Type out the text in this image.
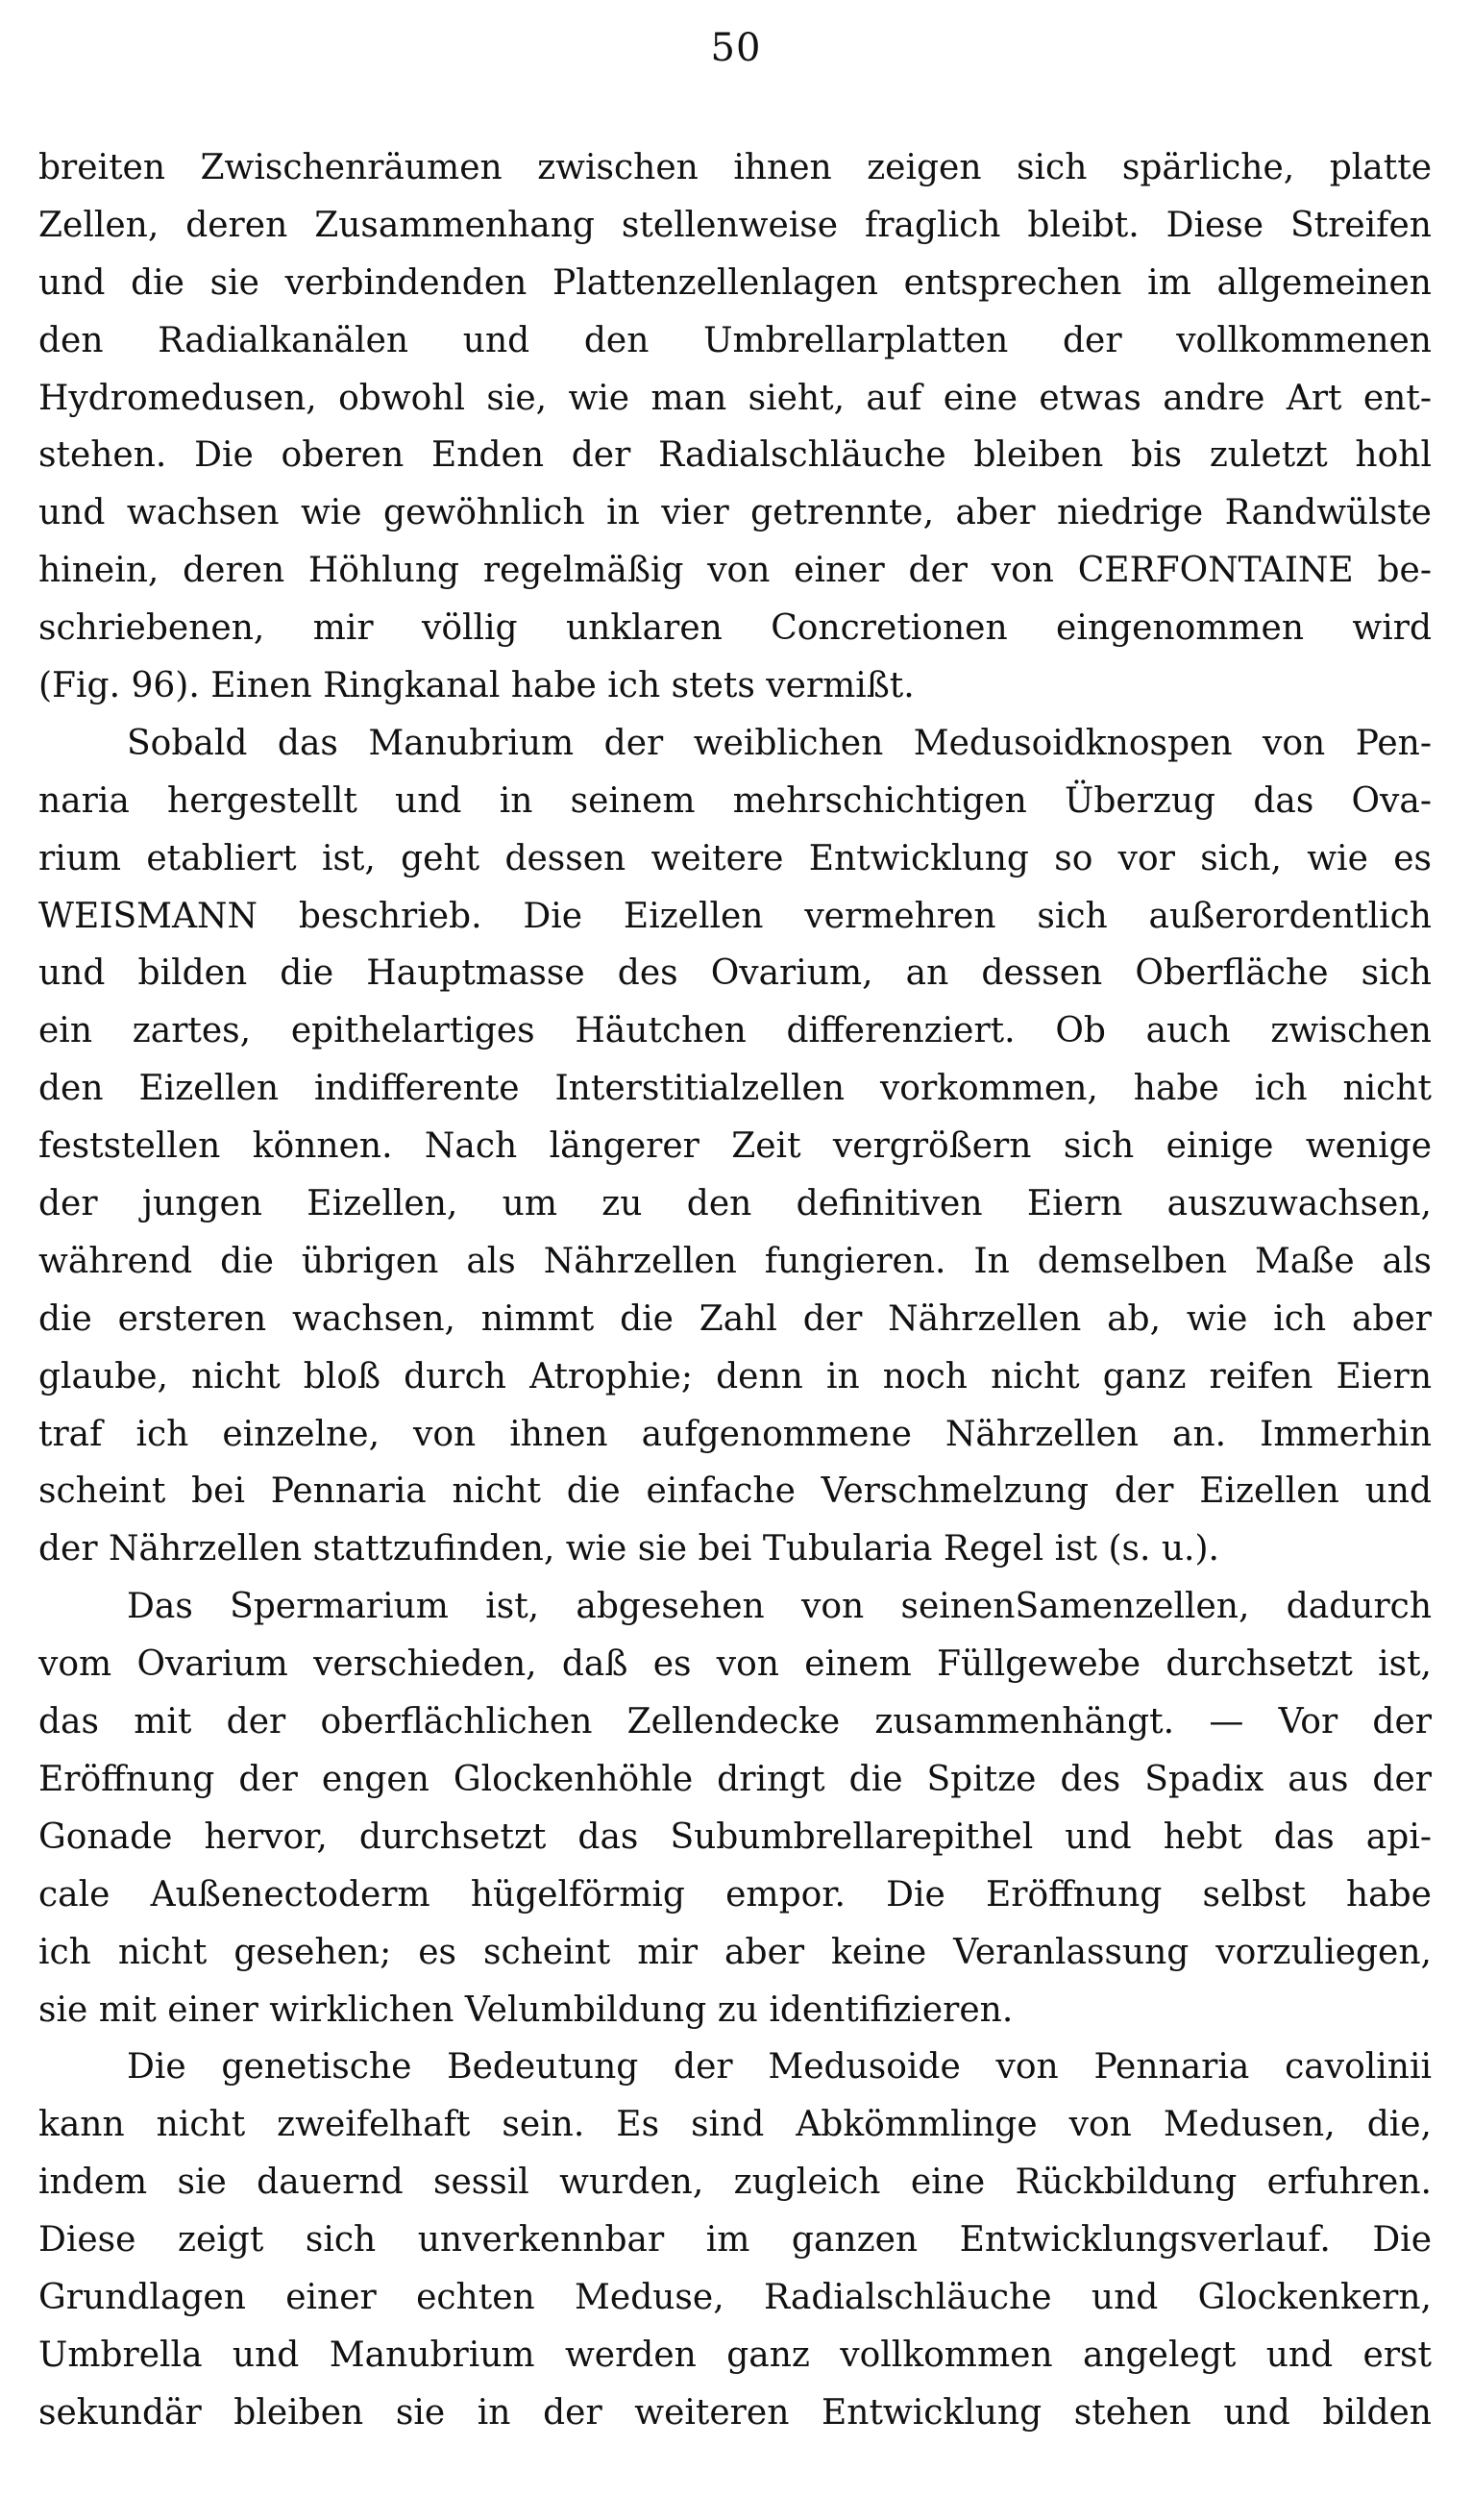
50
breiten Zwischenräumen zwischen ihnen zeigen sich spärliche, platte
Zellen, deren Zusammenhang stellenweise fraglich bleibt. Diese Streifen
und die sie verbindenden Plattenzellenlagen entsprechen im allgemeinen
den Radialkanälen und den Umbrellarplatten der vollkommenen
Hydromedusen, obwohl sie, wie man sieht, auf eine etwas andre Art ent-
stehen. Die oberen Enden der Radialschläuche bleiben bis zuletzt hohl
und wachsen wie gewöhnlich in vier getrennte, aber niedrige Randwülste
hinein, deren Höhlung regelmäßig von einer der von CERFONTAINE be-
schriebenen, mir völlig unklaren Concretionen eingenommen wird
(Fig. 96). Einen Ringkanal habe ich stets vermißt.
Sobald das Manubrium der weiblichen Medusoidknospen von Pen-
naria hergestellt und in seinem mehrschichtigen Überzug das Ova-
rium etabliert ist, geht dessen weitere Entwicklung so vor sich, wie es
WEISMANN beschrieb. Die Eizellen vermehren sich außerordentlich
und bilden die Hauptmasse des Ovarium, an dessen Oberfläche sich
ein zartes, epithelartiges Häutchen differenziert. Ob auch zwischen
den Eizellen indifferente Interstitialzellen vorkommen, habe ich nicht
feststellen können. Nach längerer Zeit vergrößern sich einige wenige
der jungen Eizellen, um zu den definitiven Eiern auszuwachsen,
während die übrigen als Nährzellen fungieren. In demselben Maße als
die ersteren wachsen, nimmt die Zahl der Nährzellen ab, wie ich aber
glaube, nicht bloß durch Atrophie; denn in noch nicht ganz reifen Eiern
traf ich einzelne, von ihnen aufgenommene Nährzellen an. Immerhin
scheint bei Pennaria nicht die einfache Verschmelzung der Eizellen und
der Nährzellen stattzufinden, wie sie bei Tubularia Regel ist (s. u.).
Das Spermarium ist, abgesehen von seinenSamenzellen, dadurch
vom Ovarium verschieden, daß es von einem Füllgewebe durchsetzt ist,
das mit der oberflächlichen Zellendecke zusammenhängt. — Vor der
Eröffnung der engen Glockenhöhle dringt die Spitze des Spadix aus der
Gonade hervor, durchsetzt das Subumbrellarepithel und hebt das api-
cale Außenectoderm hügelförmig empor. Die Eröffnung selbst habe
ich nicht gesehen; es scheint mir aber keine Veranlassung vorzuliegen,
sie mit einer wirklichen Velumbildung zu identifizieren.
Die genetische Bedeutung der Medusoide von Pennaria cavolinii
kann nicht zweifelhaft sein. Es sind Abkömmlinge von Medusen, die,
indem sie dauernd sessil wurden, zugleich eine Rückbildung erfuhren.
Diese zeigt sich unverkennbar im ganzen Entwicklungsverlauf. Die
Grundlagen einer echten Meduse, Radialschläuche und Glockenkern,
Umbrella und Manubrium werden ganz vollkommen angelegt und erst
sekundär bleiben sie in der weiteren Entwicklung stehen und bilden
